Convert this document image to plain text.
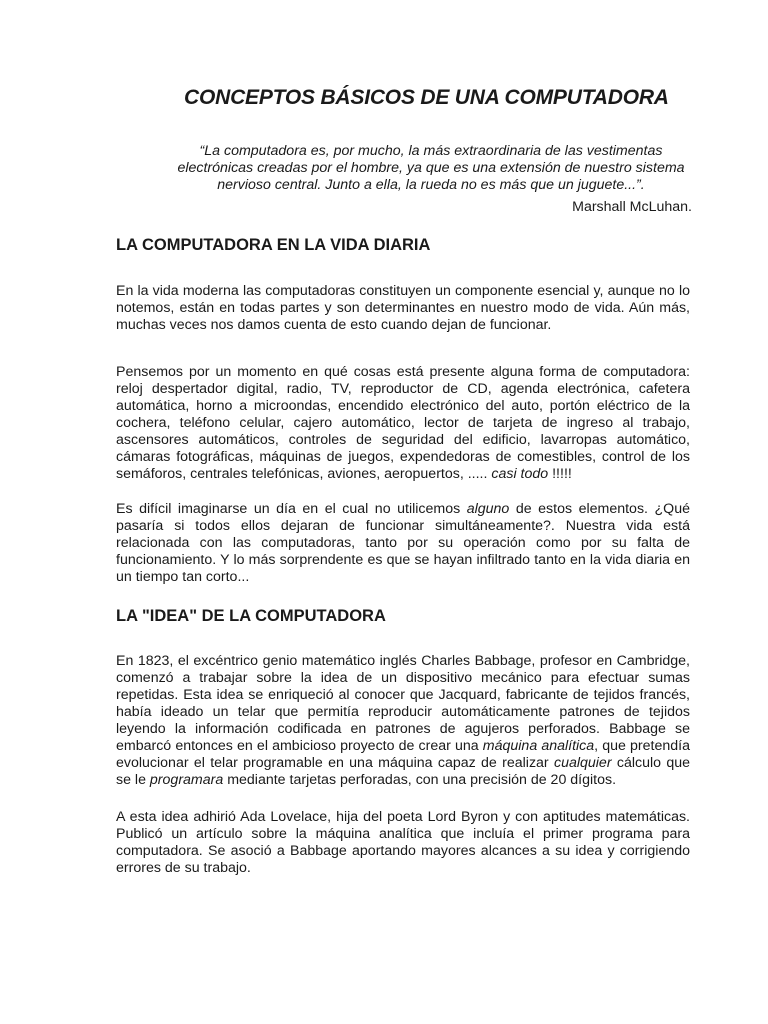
CONCEPTOS BÁSICOS DE UNA COMPUTADORA

“La computadora es, por mucho, la más extraordinaria de las vestimentas electrónicas creadas por el hombre, ya que es una extensión de nuestro sistema nervioso central. Junto a ella, la rueda no es más que un juguete...”.

Marshall McLuhan.

LA COMPUTADORA EN LA VIDA DIARIA

En la vida moderna las computadoras constituyen un componente esencial y, aunque no lo notemos, están en todas partes y son determinantes en nuestro modo de vida. Aún más, muchas veces nos damos cuenta de esto cuando dejan de funcionar.

Pensemos por un momento en qué cosas está presente alguna forma de computadora: reloj despertador digital, radio, TV, reproductor de CD, agenda electrónica, cafetera automática, horno a microondas, encendido electrónico del auto, portón eléctrico de la cochera, teléfono celular, cajero automático, lector de tarjeta de ingreso al trabajo, ascensores automáticos, controles de seguridad del edificio, lavarropas automático, cámaras fotográficas, máquinas de juegos, expendedoras de comestibles, control de los semáforos, centrales telefónicas, aviones, aeropuertos, ..... casi todo !!!!!

Es difícil imaginarse un día en el cual no utilicemos alguno de estos elementos. ¿Qué pasaría si todos ellos dejaran de funcionar simultáneamente?. Nuestra vida está relacionada con las computadoras, tanto por su operación como por su falta de funcionamiento. Y lo más sorprendente es que se hayan infiltrado tanto en la vida diaria en un tiempo tan corto...

LA "IDEA" DE LA COMPUTADORA

En 1823, el excéntrico genio matemático inglés Charles Babbage, profesor en Cambridge, comenzó a trabajar sobre la idea de un dispositivo mecánico para efectuar sumas repetidas. Esta idea se enriqueció al conocer que Jacquard, fabricante de tejidos francés, había ideado un telar que permitía reproducir automáticamente patrones de tejidos leyendo la información codificada en patrones de agujeros perforados. Babbage se embarcó entonces en el ambicioso proyecto de crear una máquina analítica, que pretendía evolucionar el telar programable en una máquina capaz de realizar cualquier cálculo que se le programara mediante tarjetas perforadas, con una precisión de 20 dígitos.

A esta idea adhirió Ada Lovelace, hija del poeta Lord Byron y con aptitudes matemáticas. Publicó un artículo sobre la máquina analítica que incluía el primer programa para computadora. Se asoció a Babbage aportando mayores alcances a su idea y corrigiendo errores de su trabajo.
